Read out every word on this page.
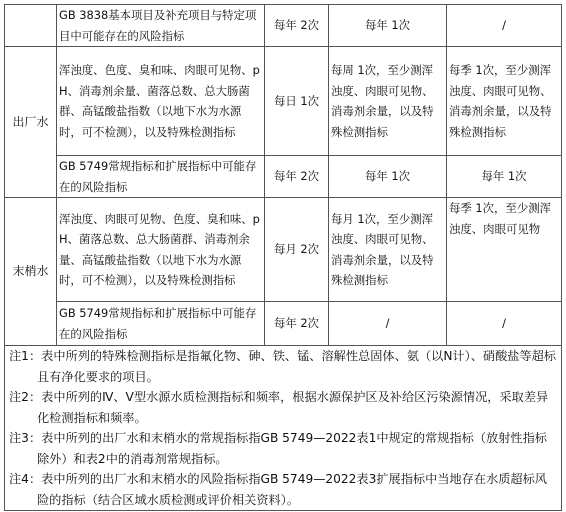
	GB 3838基本项目及补充项目与特定项目中可能存在的风险指标	每年 2次	每年 1次	/
出厂水	浑浊度、色度、臭和味、肉眼可见物、pH、消毒剂余量、菌落总数、总大肠菌群、高锰酸盐指数（以地下水为水源时，可不检测），以及特殊检测指标	每日 1次	每周 1次，至少测浑浊度、肉眼可见物、消毒剂余量，以及特殊检测指标	每季 1次，至少测浑浊度、肉眼可见物、消毒剂余量，以及特殊检测指标
	GB 5749常规指标和扩展指标中可能存在的风险指标	每年 2次	每年 1次	每年 1次
末梢水	浑浊度、肉眼可见物、色度、臭和味、pH、菌落总数、总大肠菌群、消毒剂余量、高锰酸盐指数（以地下水为水源时，可不检测），以及特殊检测指标	每月 2次	每月 1次，至少测浑浊度、肉眼可见物、消毒剂余量，以及特殊检测指标	每季 1次，至少测浑浊度、肉眼可见物
	GB 5749常规指标和扩展指标中可能存在的风险指标	每年 2次	/	/

注1：表中所列的特殊检测指标是指氟化物、砷、铁、锰、溶解性总固体、氨（以N计）、硝酸盐等超标且有净化要求的项目。
注2：表中所列的Ⅳ、Ⅴ型水源水质检测指标和频率，根据水源保护区及补给区污染源情况，采取差异化检测指标和频率。
注3：表中所列的出厂水和末梢水的常规指标指GB 5749—2022表1中规定的常规指标（放射性指标除外）和表2中的消毒剂常规指标。
注4：表中所列的出厂水和末梢水的风险指标指GB 5749—2022表3扩展指标中当地存在水质超标风险的指标（结合区域水质检测或评价相关资料）。				
